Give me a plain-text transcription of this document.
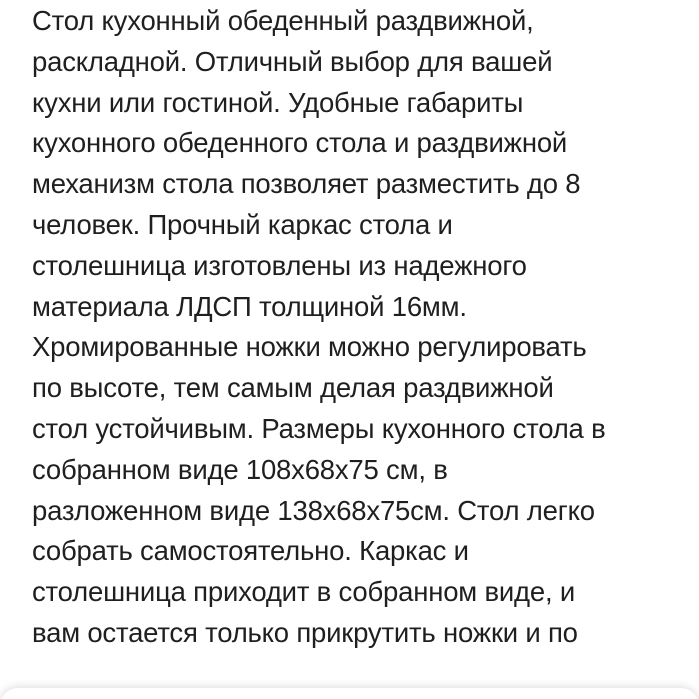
Стол кухонный обеденный раздвижной,
раскладной. Отличный выбор для вашей
кухни или гостиной. Удобные габариты
кухонного обеденного стола и раздвижной
механизм стола позволяет разместить до 8
человек. Прочный каркас стола и
столешница изготовлены из надежного
материала ЛДСП толщиной 16мм.
Хромированные ножки можно регулировать
по высоте, тем самым делая раздвижной
стол устойчивым. Размеры кухонного стола в
собранном виде 108х68х75 см, в
разложенном виде 138х68х75см. Стол легко
собрать самостоятельно. Каркас и
столешница приходит в собранном виде, и
вам остается только прикрутить ножки и по
